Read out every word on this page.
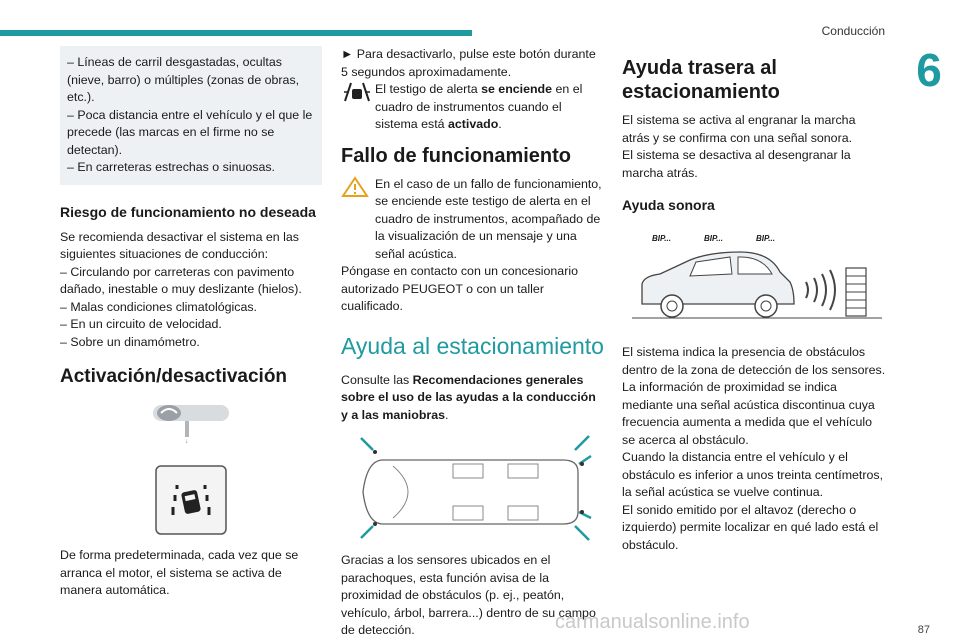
Conducción
6

– Líneas de carril desgastadas, ocultas (nieve, barro) o múltiples (zonas de obras, etc.).

– Poca distancia entre el vehículo y el que le precede (las marcas en el firme no se detectan).

– En carreteras estrechas o sinuosas.

Riesgo de funcionamiento no deseada

Se recomienda desactivar el sistema en las siguientes situaciones de conducción:

– Circulando por carreteras con pavimento dañado, inestable o muy deslizante (hielos).

– Malas condiciones climatológicas.

– En un circuito de velocidad.

– Sobre un dinamómetro.

Activación/desactivación
↓

De forma predeterminada, cada vez que se arranca el motor, el sistema se activa de manera automática.

► Para desactivarlo, pulse este botón durante 5 segundos aproximadamente.

El testigo de alerta se enciende en el cuadro de instrumentos cuando el sistema está activado.

Fallo de funcionamiento

En el caso de un fallo de funcionamiento, se enciende este testigo de alerta en el cuadro de instrumentos, acompañado de la visualización de un mensaje y una señal acústica.

Póngase en contacto con un concesionario autorizado PEUGEOT o con un taller cualificado.

Ayuda al estacionamiento

Consulte las Recomendaciones generales sobre el uso de las ayudas a la conducción y a las maniobras.

Gracias a los sensores ubicados en el parachoques, esta función avisa de la proximidad de obstáculos (p. ej., peatón, vehículo, árbol, barrera...) dentro de su campo de detección.

Ayuda trasera al estacionamiento

El sistema se activa al engranar la marcha atrás y se confirma con una señal sonora.

El sistema se desactiva al desengranar la marcha atrás.

Ayuda sonora
BIP...	BIP...	BIP...

El sistema indica la presencia de obstáculos dentro de la zona de detección de los sensores.

La información de proximidad se indica mediante una señal acústica discontinua cuya frecuencia aumenta a medida que el vehículo se acerca al obstáculo.

Cuando la distancia entre el vehículo y el obstáculo es inferior a unos treinta centímetros, la señal acústica se vuelve continua.

El sonido emitido por el altavoz (derecho o izquierdo) permite localizar en qué lado está el obstáculo.

87
carmanualsonline.info
